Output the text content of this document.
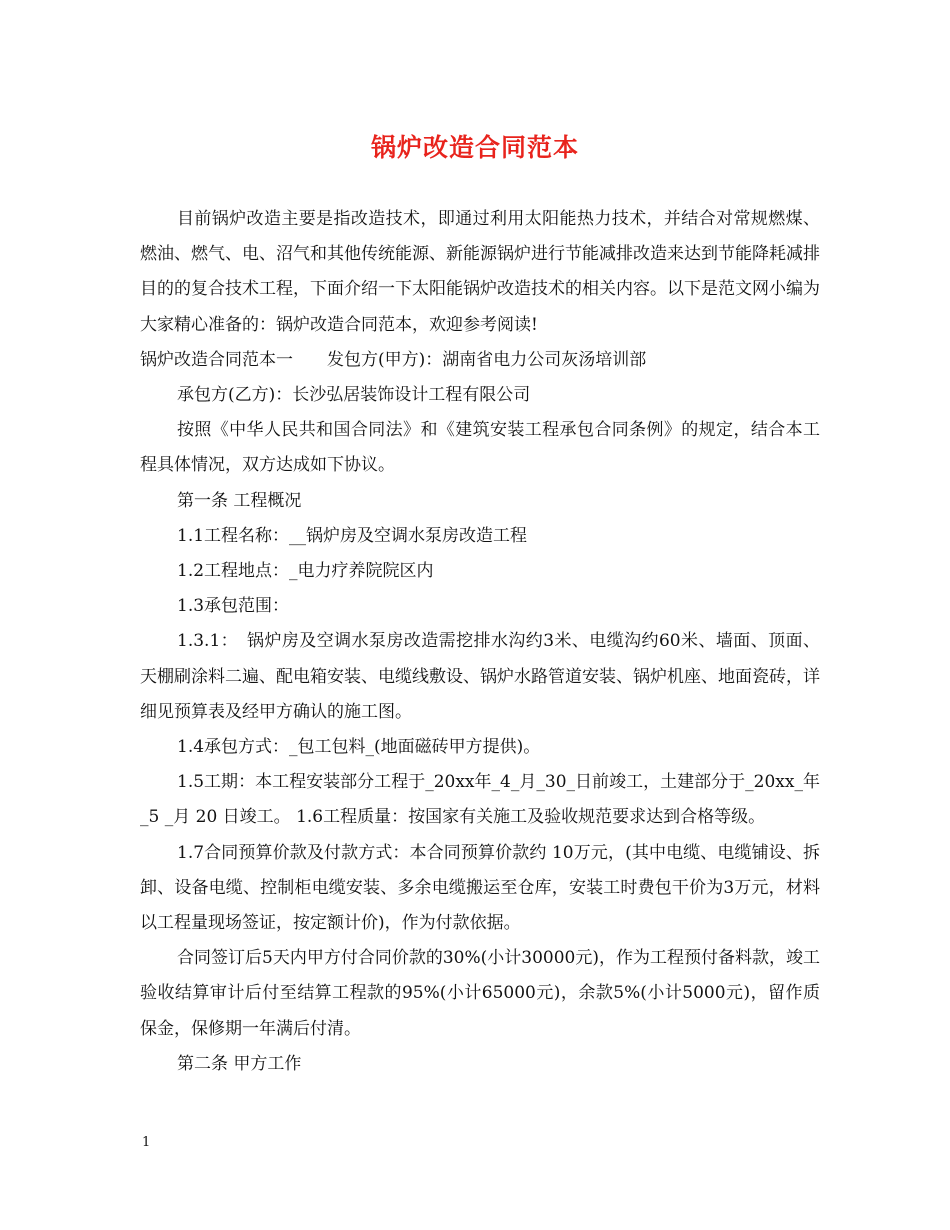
锅炉改造合同范本

目前锅炉改造主要是指改造技术，即通过利用太阳能热力技术，并结合对常规燃煤、燃油、燃气、电、沼气和其他传统能源、新能源锅炉进行节能减排改造来达到节能降耗减排目的的复合技术工程，下面介绍一下太阳能锅炉改造技术的相关内容。以下是范文网小编为大家精心准备的：锅炉改造合同范本，欢迎参考阅读!

锅炉改造合同范本一　　发包方(甲方)：湖南省电力公司灰汤培训部

承包方(乙方)：长沙弘居装饰设计工程有限公司

按照《中华人民共和国合同法》和《建筑安装工程承包合同条例》的规定，结合本工程具体情况，双方达成如下协议。

第一条 工程概况

1.1工程名称：__锅炉房及空调水泵房改造工程

1.2工程地点：_电力疗养院院区内

1.3承包范围：

1.3.1：　锅炉房及空调水泵房改造需挖排水沟约3米、电缆沟约60米、墙面、顶面、天棚刷涂料二遍、配电箱安装、电缆线敷设、锅炉水路管道安装、锅炉机座、地面瓷砖，详细见预算表及经甲方确认的施工图。

1.4承包方式：_包工包料_(地面磁砖甲方提供)。

1.5工期：本工程安装部分工程于_20xx年_4_月_30_日前竣工，土建部分于_20xx_年_5 _月 20 日竣工。 1.6工程质量：按国家有关施工及验收规范要求达到合格等级。

1.7合同预算价款及付款方式：本合同预算价款约 10万元，(其中电缆、电缆铺设、拆卸、设备电缆、控制柜电缆安装、多余电缆搬运至仓库，安装工时费包干价为3万元，材料以工程量现场签证，按定额计价)，作为付款依据。

合同签订后5天内甲方付合同价款的30%(小计30000元)，作为工程预付备料款，竣工验收结算审计后付至结算工程款的95%(小计65000元)，余款5%(小计5000元)，留作质保金，保修期一年满后付清。

第二条 甲方工作

1
